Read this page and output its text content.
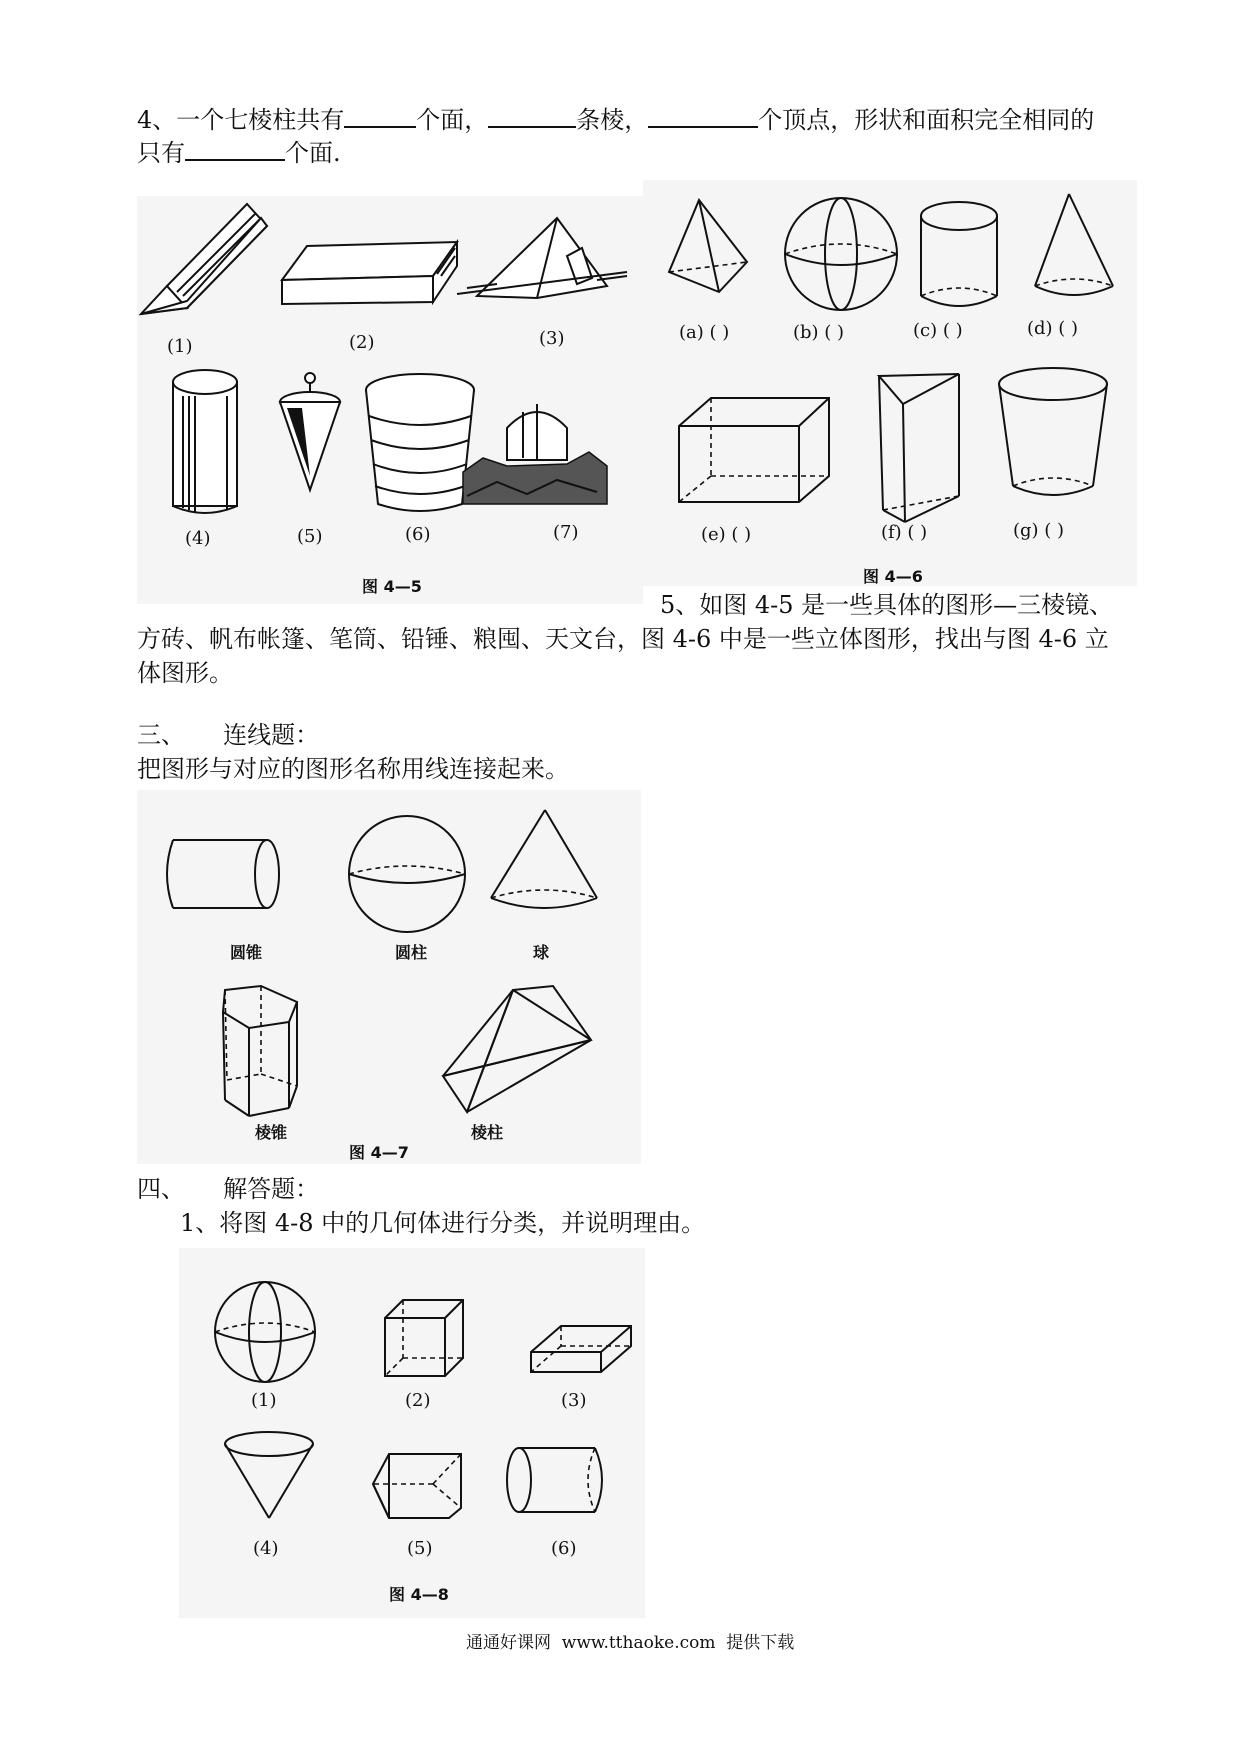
4、一个七棱柱共有	个面，	条棱，	个顶点，形状和面积完全相同的
只有	个面.
(1)	(2)	(3)
(4)	(5)	(6)	(7)
图 4—5
(a) ( )	(b) ( )	(c) ( )	(d) ( )
(e) ( )	(f) ( )	(g) ( )
图 4—6
5、如图 4-5 是一些具体的图形—三棱镜、
方砖、帆布帐篷、笔筒、铅锤、粮囤、天文台，图 4-6 中是一些立体图形，找出与图 4-6 立
体图形。
三、     连线题：
把图形与对应的图形名称用线连接起来。
圆锥	圆柱	球
棱锥	棱柱
图 4—7
四、     解答题：
1、将图 4-8 中的几何体进行分类，并说明理由。
(1)	(2)	(3)
(4)	(5)	(6)
图 4—8
通通好课网  www.tthaoke.com  提供下载
